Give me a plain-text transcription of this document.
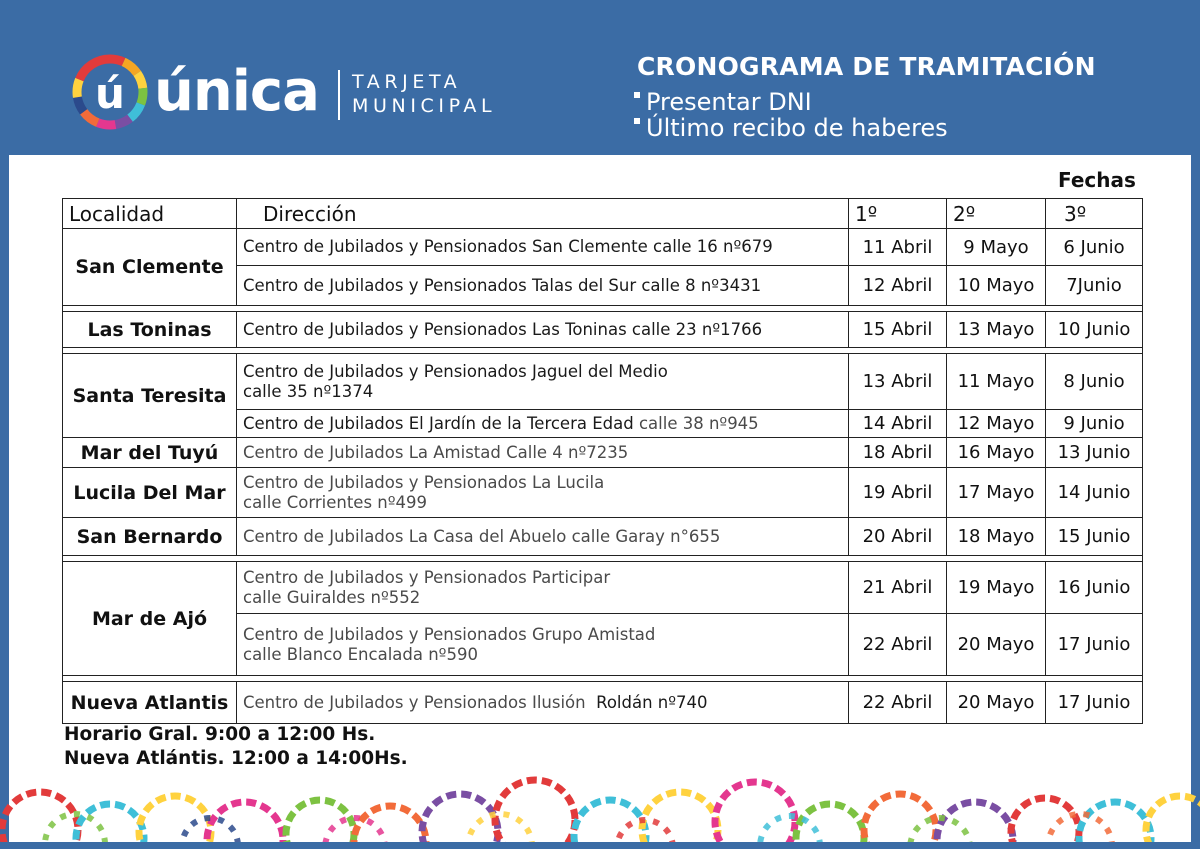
ú única TARJETA
MUNICIPAL
CRONOGRAMA DE TRAMITACIÓN
Presentar DNI
Último recibo de haberes
Fechas
Localidad	Dirección	1º	2º	3º
San Clemente	Centro de Jubilados y Pensionados San Clemente calle 16 nº679	11 Abril	9 Mayo	6 Junio
	Centro de Jubilados y Pensionados Talas del Sur calle 8 nº3431	12 Abril	10 Mayo	7Junio

Las Toninas	Centro de Jubilados y Pensionados Las Toninas calle 23 nº1766	15 Abril	13 Mayo	10 Junio

Santa Teresita	Centro de Jubilados y Pensionados Jaguel del Medio
calle 35 nº1374	13 Abril	11 Mayo	8 Junio
	Centro de Jubilados El Jardín de la Tercera Edad calle 38 nº945	14 Abril	12 Mayo	9 Junio
Mar del Tuyú	Centro de Jubilados La Amistad Calle 4 nº7235	18 Abril	16 Mayo	13 Junio
Lucila Del Mar	Centro de Jubilados y Pensionados La Lucila
calle Corrientes nº499	19 Abril	17 Mayo	14 Junio
San Bernardo	Centro de Jubilados La Casa del Abuelo calle Garay n°655	20 Abril	18 Mayo	15 Junio

Mar de Ajó	Centro de Jubilados y Pensionados Participar
calle Guiraldes nº552	21 Abril	19 Mayo	16 Junio

	Centro de Jubilados y Pensionados Grupo Amistad
calle Blanco Encalada nº590	22 Abril	20 Mayo	17 Junio

Nueva Atlantis	Centro de Jubilados y Pensionados Ilusión Roldán nº740	22 Abril	20 Mayo	17 Junio
Horario Gral. 9:00 a 12:00 Hs.
Nueva Atlántis. 12:00 a 14:00Hs.
